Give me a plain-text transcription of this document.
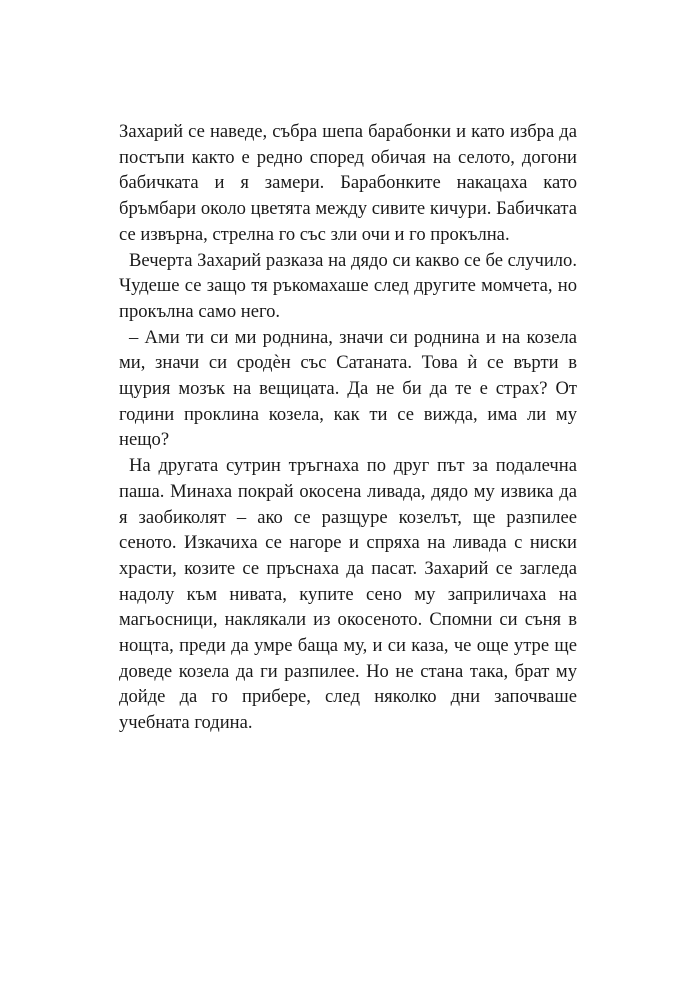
Захарий се наведе, събра шепа барабонки и като избра да постъпи както е редно според обичая на селото, догони бабичката и я замери. Барабонките накацаха като бръмбари около цветята между сивите кичури. Бабичката се извърна, стрелна го със зли очи и го прокълна.

Вечерта Захарий разказа на дядо си какво се бе случило. Чудеше се защо тя ръкомахаше след другите момчета, но прокълна само него.

– Ами ти си ми роднина, значи си роднина и на козела ми, значи си сродѐн със Сатаната. Това ѝ се върти в щурия мозък на вещицата. Да не би да те е страх? От години проклина козела, как ти се вижда, има ли му нещо?

На другата сутрин тръгнаха по друг път за подалечна паша. Минаха покрай окосена ливада, дядо му извика да я заобиколят – ако се разщуре козелът, ще разпилее сеното. Изкачиха се нагоре и спряха на ливада с ниски храсти, козите се пръснаха да пасат. Захарий се загледа надолу към нивата, купите сено му заприличаха на магьосници, наклякали из окосеното. Спомни си съня в нощта, преди да умре баща му, и си каза, че още утре ще доведе козела да ги разпилее. Но не стана така, брат му дойде да го прибере, след няколко дни започваше учебната година.
